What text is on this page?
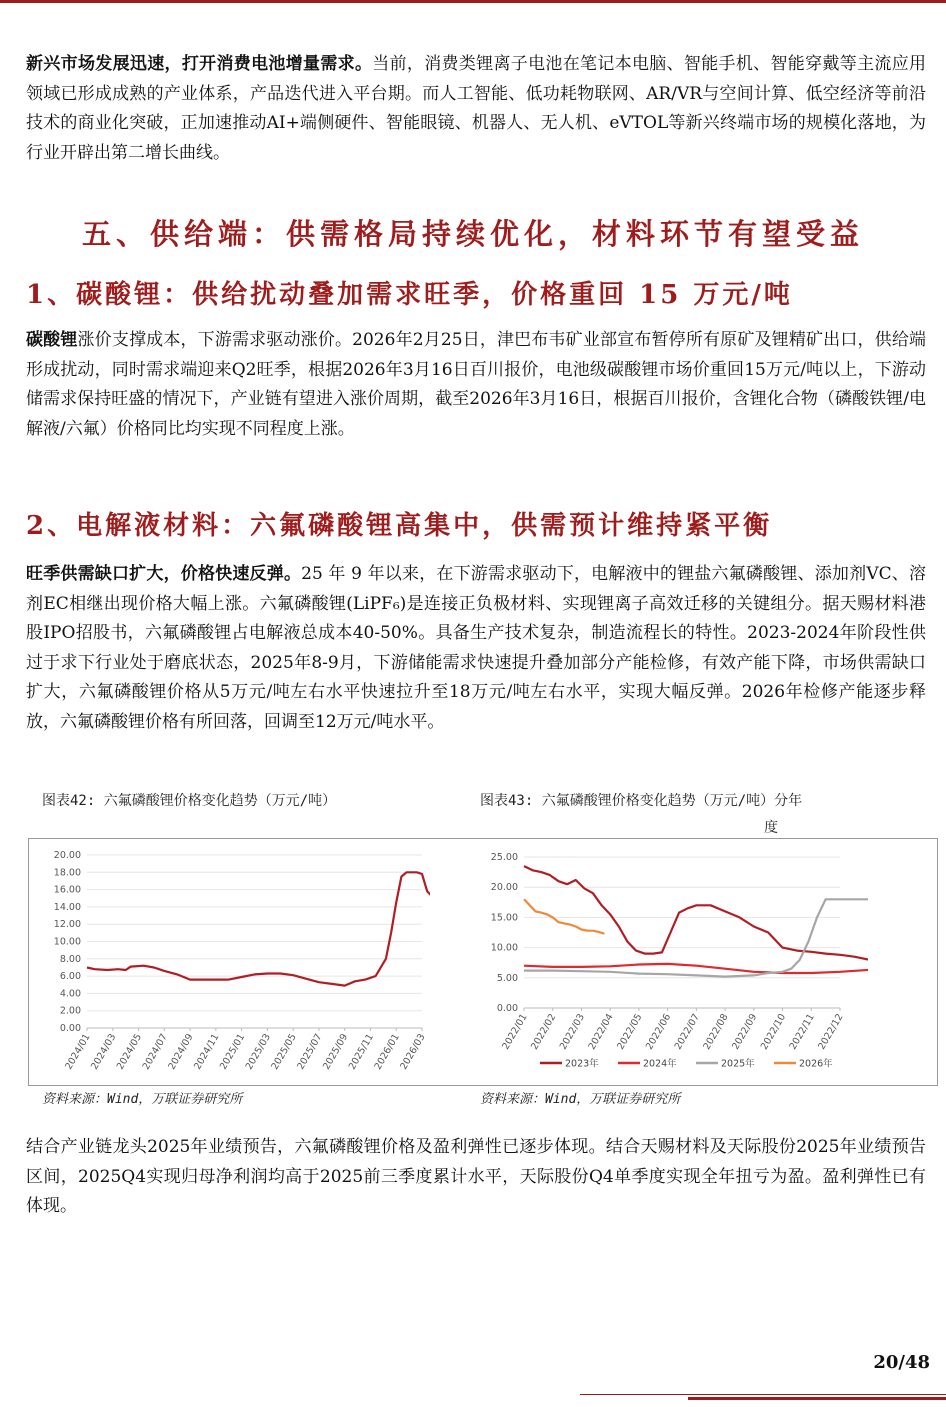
新兴市场发展迅速，打开消费电池增量需求。当前，消费类锂离子电池在笔记本电脑、智能手机、智能穿戴等主流应用领域已形成成熟的产业体系，产品迭代进入平台期。而人工智能、低功耗物联网、AR/VR与空间计算、低空经济等前沿技术的商业化突破，正加速推动AI+端侧硬件、智能眼镜、机器人、无人机、eVTOL等新兴终端市场的规模化落地，为行业开辟出第二增长曲线。
五、供给端：供需格局持续优化，材料环节有望受益
1、碳酸锂：供给扰动叠加需求旺季，价格重回 15 万元/吨
碳酸锂涨价支撑成本，下游需求驱动涨价。2026年2月25日，津巴布韦矿业部宣布暂停所有原矿及锂精矿出口，供给端形成扰动，同时需求端迎来Q2旺季，根据2026年3月16日百川报价，电池级碳酸锂市场价重回15万元/吨以上，下游动储需求保持旺盛的情况下，产业链有望进入涨价周期，截至2026年3月16日，根据百川报价，含锂化合物（磷酸铁锂/电解液/六氟）价格同比均实现不同程度上涨。
2、电解液材料：六氟磷酸锂高集中，供需预计维持紧平衡
旺季供需缺口扩大，价格快速反弹。25 年 9 年以来，在下游需求驱动下，电解液中的锂盐六氟磷酸锂、添加剂VC、溶剂EC相继出现价格大幅上涨。六氟磷酸锂(LiPF₆)是连接正负极材料、实现锂离子高效迁移的关键组分。据天赐材料港股IPO招股书，六氟磷酸锂占电解液总成本40-50%。具备生产技术复杂，制造流程长的特性。2023-2024年阶段性供过于求下行业处于磨底状态，2025年8-9月，下游储能需求快速提升叠加部分产能检修，有效产能下降，市场供需缺口扩大，六氟磷酸锂价格从5万元/吨左右水平快速拉升至18万元/吨左右水平，实现大幅反弹。2026年检修产能逐步释放，六氟磷酸锂价格有所回落，回调至12万元/吨水平。
图表42: 六氟磷酸锂价格变化趋势（万元/吨）	图表43: 六氟磷酸锂价格变化趋势（万元/吨）分年
度
0.00
2.00
4.00
6.00
8.00
10.00
12.00
14.00
16.00
18.00
20.00
2024/01
2024/03
2024/05
2024/07
2024/09
2024/11
2025/01
2025/03
2025/05
2025/07
2025/09
2025/11
2026/01
2026/03
0.00
5.00
10.00
15.00
20.00
25.00
2022/01 2022/02 2022/03 2022/04 2022/05 2022/06 2022/07 2022/08 2022/09 2022/10 2022/11 2022/12
2023年	2024年	2025年	2026年
资料来源：Wind，万联证券研究所	资料来源：Wind，万联证券研究所
结合产业链龙头2025年业绩预告，六氟磷酸锂价格及盈利弹性已逐步体现。结合天赐材料及天际股份2025年业绩预告区间，2025Q4实现归母净利润均高于2025前三季度累计水平，天际股份Q4单季度实现全年扭亏为盈。盈利弹性已有体现。
20/48
